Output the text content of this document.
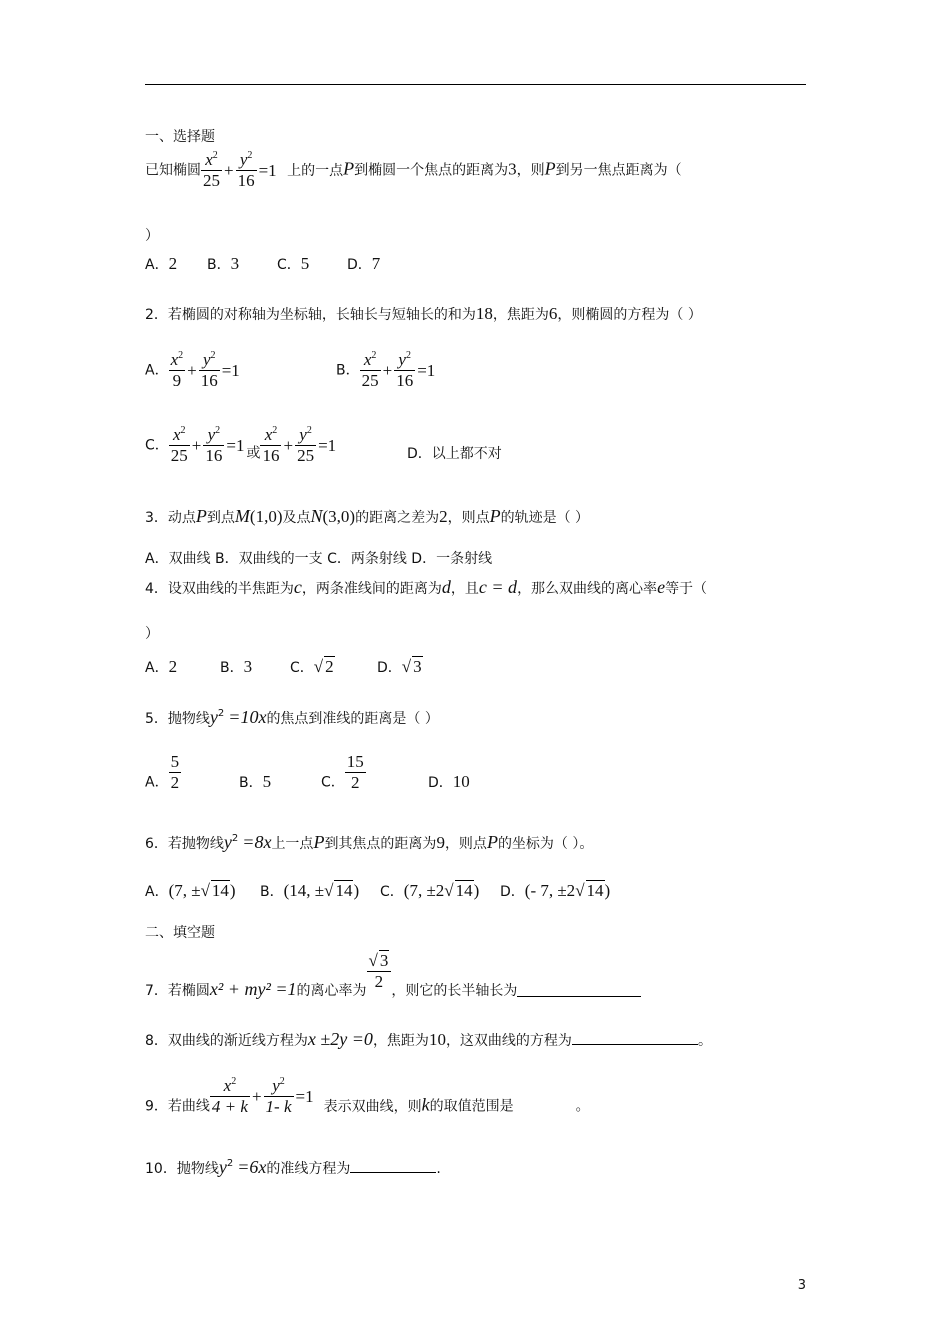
一、选择题
已知椭圆 $\frac{x^2}{25} + \frac{y^2}{16} =1$ 上的一点P到椭圆一个焦点的距离为3，则P到另一焦点距离为（
）
A．2 B．3	C．5	D．7
2．若椭圆的对称轴为坐标轴，长轴长与短轴长的和为18，焦距为6，则椭圆的方程为（ ）
A． $\frac{x^2}{9} + \frac{y^2}{16} =1$	B． $\frac{x^2}{25} + \frac{y^2}{16} =1$
C． $\frac{x^2}{25} + \frac{y^2}{16} =1$ 或 $\frac{x^2}{16} + \frac{y^2}{25} =1$	D．以上都不对
3．动点P到点M(1,0)及点N(3,0)的距离之差为2，则点P的轨迹是（ ）
A．双曲线 B．双曲线的一支 C．两条射线 D．一条射线
4．设双曲线的半焦距为c，两条准线间的距离为d，且c = d，那么双曲线的离心率e等于（
）
A．2	B．3	C．√ 2	D．√ 3
5．抛物线$y^2 =10x$的焦点到准线的距离是（ ）
A． $\frac{5}{2}$	B．5	C． $\frac{15}{2}$	D．10
6．若抛物线$y^2 =8x$上一点P到其焦点的距离为9，则点P的坐标为（ ）。
A．(7, ±√ 14) B．(14, ±√ 14) C．(7, ±2√ 14) D．(- 7, ±2√ 14)
二、填空题
7．若椭圆x² + my² =1的离心率为 $\frac{√ 3}{2}$ ，则它的长半轴长为
8．双曲线的渐近线方程为x ±2y =0，焦距为10，这双曲线的方程为	。
9．若曲线 $\frac{x^2}{4 + k} + \frac{y^2}{1- k} =1$表示双曲线，则k的取值范围是	。
10．抛物线$y^2 =6x$的准线方程为	.
3
